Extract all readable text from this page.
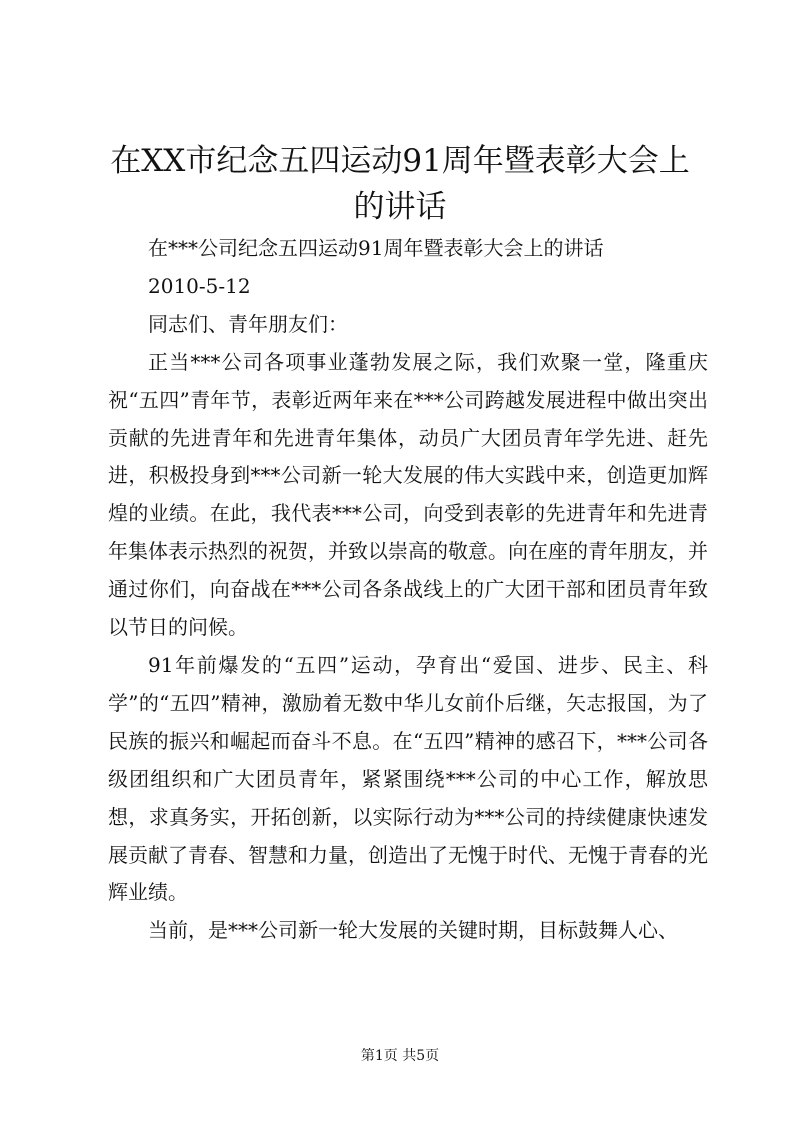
在XX市纪念五四运动91周年暨表彰大会上的讲话

在***公司纪念五四运动91周年暨表彰大会上的讲话

2010-5-12

同志们、青年朋友们：

正当***公司各项事业蓬勃发展之际，我们欢聚一堂，隆重庆祝“五四”青年节，表彰近两年来在***公司跨越发展进程中做出突出贡献的先进青年和先进青年集体，动员广大团员青年学先进、赶先进，积极投身到***公司新一轮大发展的伟大实践中来，创造更加辉煌的业绩。在此，我代表***公司，向受到表彰的先进青年和先进青年集体表示热烈的祝贺，并致以崇高的敬意。向在座的青年朋友，并通过你们，向奋战在***公司各条战线上的广大团干部和团员青年致以节日的问候。

91年前爆发的“五四”运动，孕育出“爱国、进步、民主、科学”的“五四”精神，激励着无数中华儿女前仆后继，矢志报国，为了民族的振兴和崛起而奋斗不息。在“五四”精神的感召下，***公司各级团组织和广大团员青年，紧紧围绕***公司的中心工作，解放思想，求真务实，开拓创新，以实际行动为***公司的持续健康快速发展贡献了青春、智慧和力量，创造出了无愧于时代、无愧于青春的光辉业绩。

当前，是***公司新一轮大发展的关键时期，目标鼓舞人心、

第1页 共5页
